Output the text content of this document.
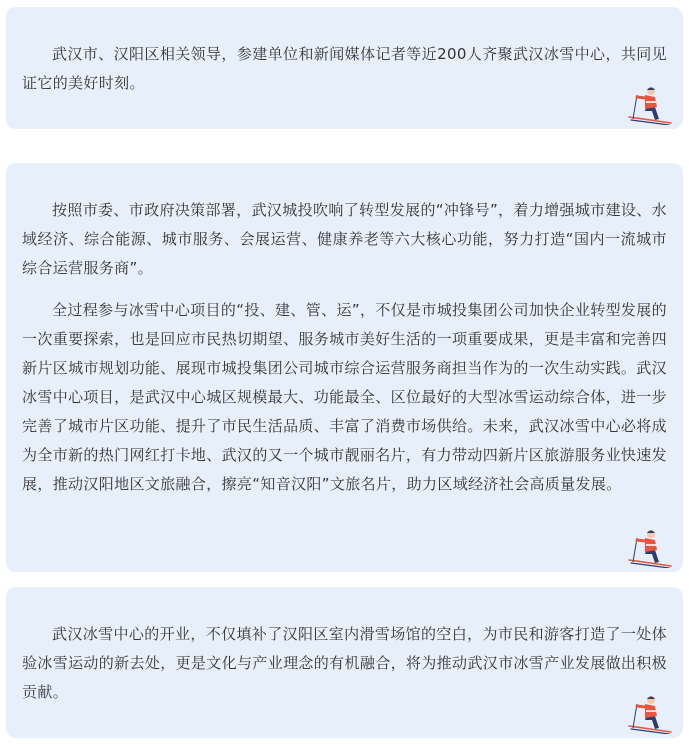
武汉市、汉阳区相关领导，参建单位和新闻媒体记者等近200人齐聚武汉冰雪中心，共同见证它的美好时刻。

按照市委、市政府决策部署，武汉城投吹响了转型发展的“冲锋号”，着力增强城市建设、水域经济、综合能源、城市服务、会展运营、健康养老等六大核心功能，努力打造“国内一流城市综合运营服务商”。

全过程参与冰雪中心项目的“投、建、管、运”，不仅是市城投集团公司加快企业转型发展的一次重要探索，也是回应市民热切期望、服务城市美好生活的一项重要成果，更是丰富和完善四新片区城市规划功能、展现市城投集团公司城市综合运营服务商担当作为的一次生动实践。武汉冰雪中心项目，是武汉中心城区规模最大、功能最全、区位最好的大型冰雪运动综合体，进一步完善了城市片区功能、提升了市民生活品质、丰富了消费市场供给。未来，武汉冰雪中心必将成为全市新的热门网红打卡地、武汉的又一个城市靓丽名片，有力带动四新片区旅游服务业快速发展，推动汉阳地区文旅融合，擦亮“知音汉阳”文旅名片，助力区域经济社会高质量发展。

武汉冰雪中心的开业，不仅填补了汉阳区室内滑雪场馆的空白，为市民和游客打造了一处体验冰雪运动的新去处，更是文化与产业理念的有机融合，将为推动武汉市冰雪产业发展做出积极贡献。
